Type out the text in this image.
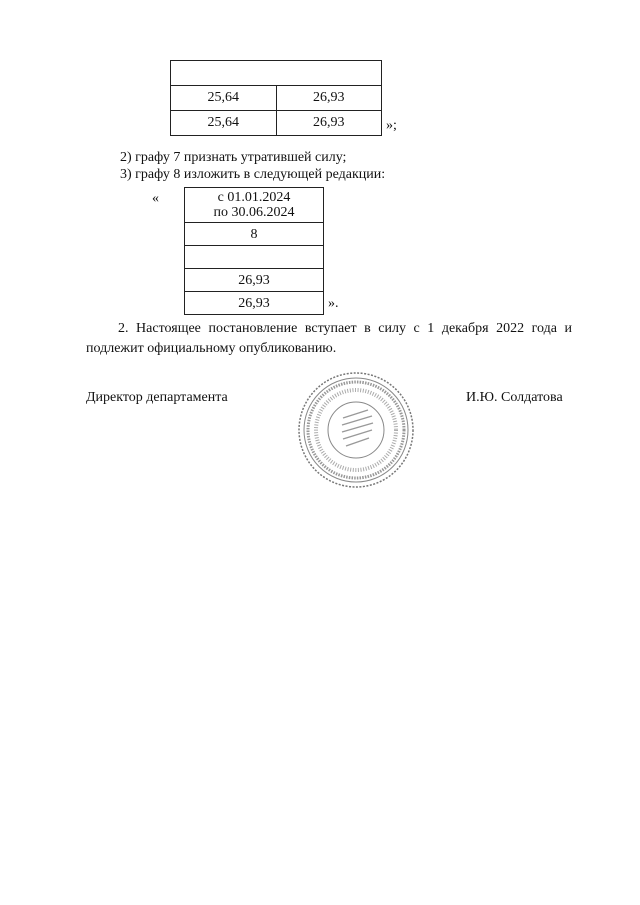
25,64	26,93
25,64	26,93	»;
2) графу 7 признать утратившей силу;
3) графу 8 изложить в следующей редакции:
«	с 01.01.2024
по 30.06.2024

8

26,93
26,93	».
2. Настоящее постановление вступает в силу с 1 декабря 2022 года и подлежит официальному опубликованию.
Директор департамента	И.Ю. Солдатова
